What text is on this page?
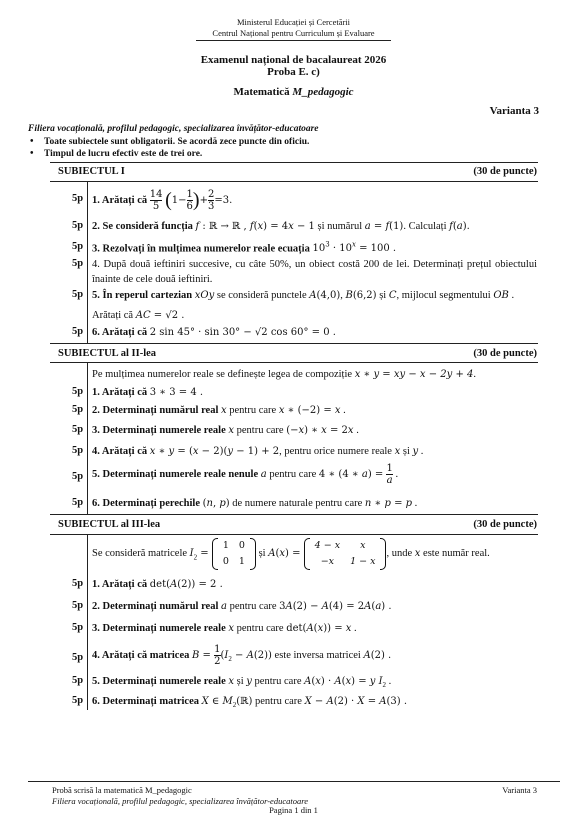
Ministerul Educației și Cercetării
Centrul Național pentru Curriculum și Evaluare
Examenul național de bacalaureat 2026
Proba E. c)
Matematică M_pedagogic
Varianta 3
Filiera vocațională, profilul pedagogic, specializarea învățător-educatoare
• Toate subiectele sunt obligatorii. Se acordă zece puncte din oficiu.
• Timpul de lucru efectiv este de trei ore.
SUBIECTUL I	(30 de puncte)
5p 1. Arătați că $\frac{14}{5} (1- \frac{1}{6}$ )+ $\frac{2}{3} =3$.
5p 2. Se consideră funcția f : ℝ → ℝ , f(x) = 4x − 1 și numărul a = f(1). Calculați f(a).
5p 3. Rezolvați în mulțimea numerelor reale ecuația $10^3 \cdot 10^x = 100$ .
5p 4. După două ieftiniri succesive, cu câte 50%, un obiect costă 200 de lei. Determinați prețul obiectului înainte de cele două ieftiniri.
5p 5. În reperul cartezian xOy se consideră punctele A(4,0), B(6,2) și C, mijlocul segmentului OB .
Arătați că AC = √2 .
5p 6. Arătați că 2 sin 45° · sin 30° − √2 cos 60° = 0 .
SUBIECTUL al II-lea	(30 de puncte)
Pe mulțimea numerelor reale se definește legea de compoziție x ∗ y = xy − x − 2y + 4.
5p 1. Arătați că 3 ∗ 3 = 4 .
5p 2. Determinați numărul real x pentru care x ∗ (−2) = x .
5p 3. Determinați numerele reale x pentru care (−x) ∗ x = 2x .
5p 4. Arătați că x ∗ y = (x − 2)(y − 1) + 2, pentru orice numere reale x și y .
5p 5. Determinați numerele reale nenule a pentru care 4 ∗ (4 ∗ $a) = \frac{1}{a}$ .
5p 6. Determinați perechile (n, p) de numere naturale pentru care n ∗ p = p .
SUBIECTUL al III-lea	(30 de puncte)
Se consideră matricele $I_2$ =
1	0
0	1
și A(x) =
4 − x	x
−x	1 − x
, unde x este număr real.
5p 1. Arătați că det(A(2)) = 2 .
5p 2. Determinați numărul real a pentru care 3A(2) − A(4) = 2A(a) .
5p 3. Determinați numerele reale x pentru care det(A(x)) = x .
5p 4. Arătați că matricea $B = \frac{1}{2} (I_2 - A(2))$ este inversa matricei A(2) .
5p 5. Determinați numerele reale x și y pentru care A(x) · A(x) = y $I_2$ .
5p 6. Determinați matricea X ∈ $M_2(ℝ)$ pentru care X − A(2) · X = A(3) .
Probă scrisă la matematică M_pedagogic
Filiera vocațională, profilul pedagogic, specializarea învățător-educatoare
Varianta 3
Pagina 1 din 1
